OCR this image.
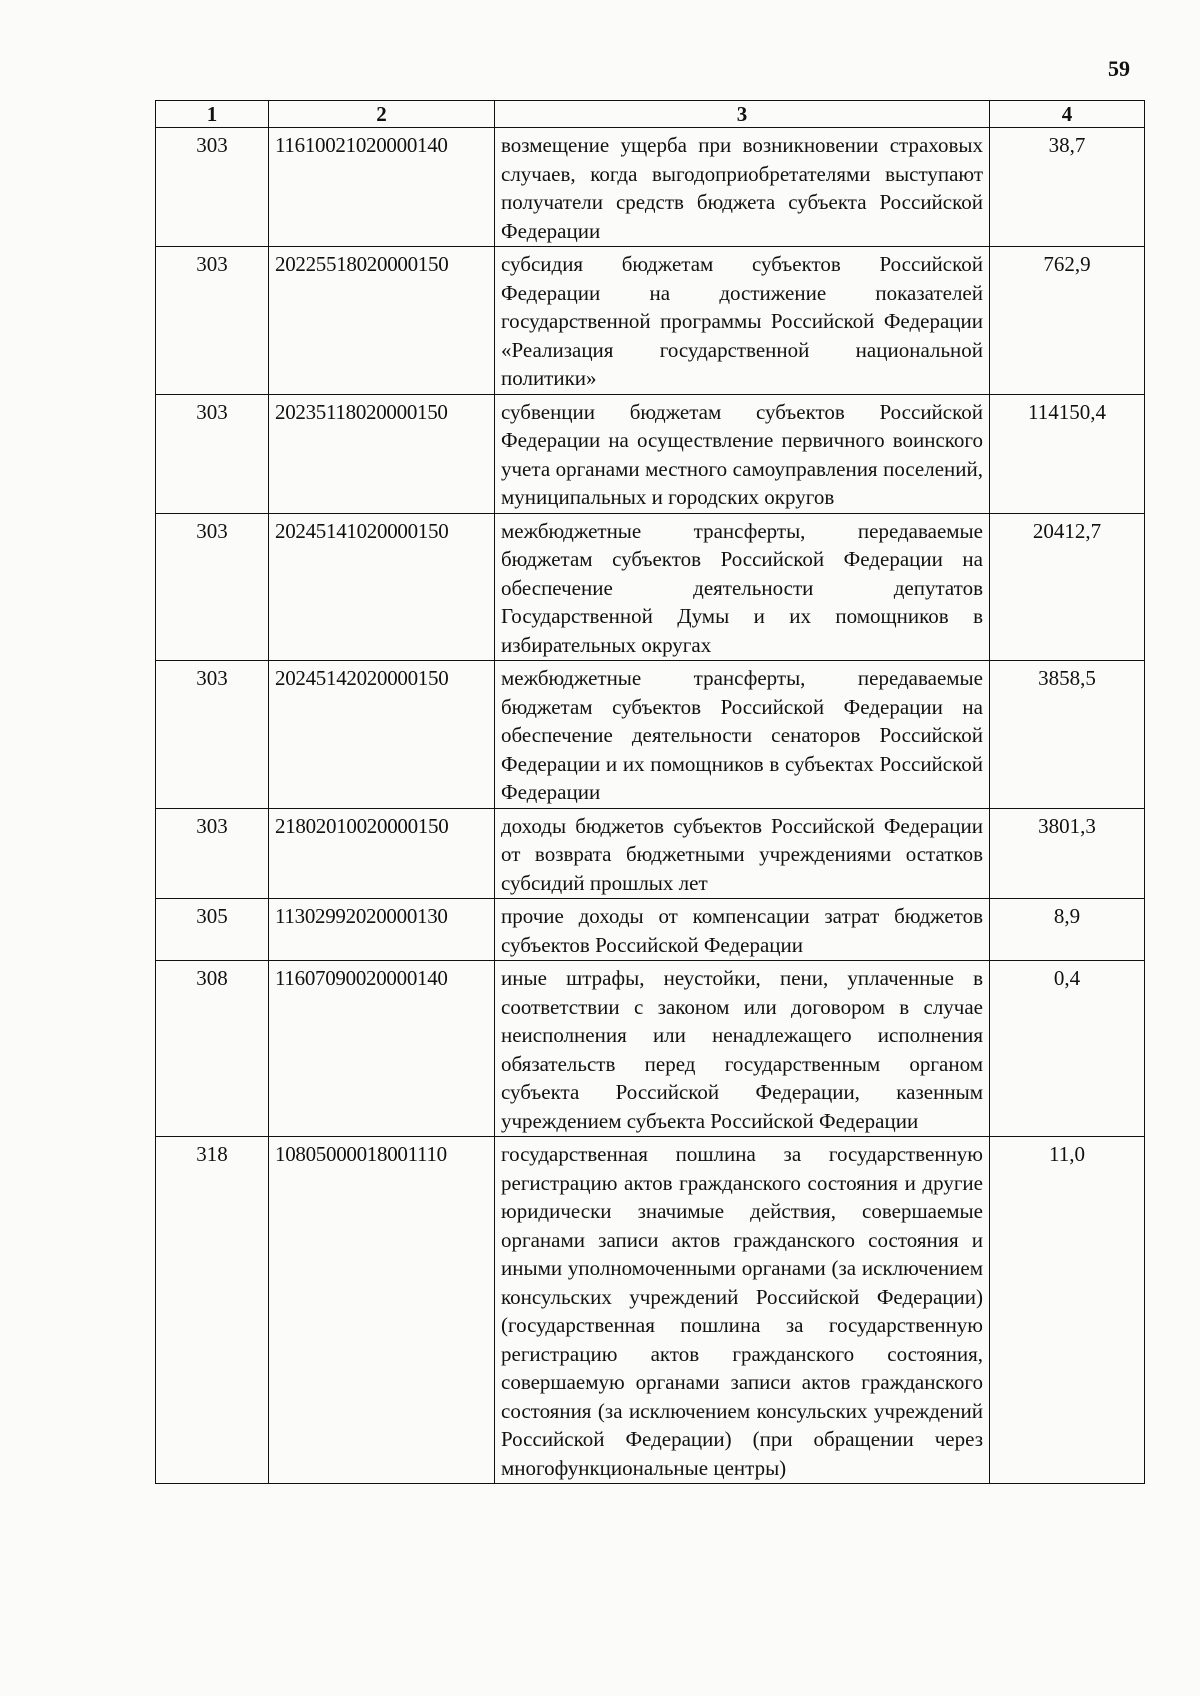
59
1	2	3	4
303	11610021020000140	возмещение ущерба при возникновении страховых случаев, когда выгодоприобретателями выступают получатели средств бюджета субъекта Российской Федерации	38,7
303	20225518020000150	субсидия бюджетам субъектов Российской Федерации на достижение показателей государственной программы Российской Федерации «Реализация государственной национальной политики»	762,9
303	20235118020000150	субвенции бюджетам субъектов Российской Федерации на осуществление первичного воинского учета органами местного самоуправления поселений, муниципальных и городских округов	114150,4
303	20245141020000150	межбюджетные трансферты, передаваемые бюджетам субъектов Российской Федерации на обеспечение деятельности депутатов Государственной Думы и их помощников в избирательных округах	20412,7
303	20245142020000150	межбюджетные трансферты, передаваемые бюджетам субъектов Российской Федерации на обеспечение деятельности сенаторов Российской Федерации и их помощников в субъектах Российской Федерации	3858,5
303	21802010020000150	доходы бюджетов субъектов Российской Федерации от возврата бюджетными учреждениями остатков субсидий прошлых лет	3801,3
305	11302992020000130	прочие доходы от компенсации затрат бюджетов субъектов Российской Федерации	8,9
308	11607090020000140	иные штрафы, неустойки, пени, уплаченные в соответствии с законом или договором в случае неисполнения или ненадлежащего исполнения обязательств перед государственным органом субъекта Российской Федерации, казенным учреждением субъекта Российской Федерации	0,4
318	10805000018001110	государственная пошлина за государственную регистрацию актов гражданского состояния и другие юридически значимые действия, совершаемые органами записи актов гражданского состояния и иными уполномоченными органами (за исключением консульских учреждений Российской Федерации) (государственная пошлина за государственную регистрацию актов гражданского состояния, совершаемую органами записи актов гражданского состояния (за исключением консульских учреждений Российской Федерации) (при обращении через многофункциональные центры)	11,0
